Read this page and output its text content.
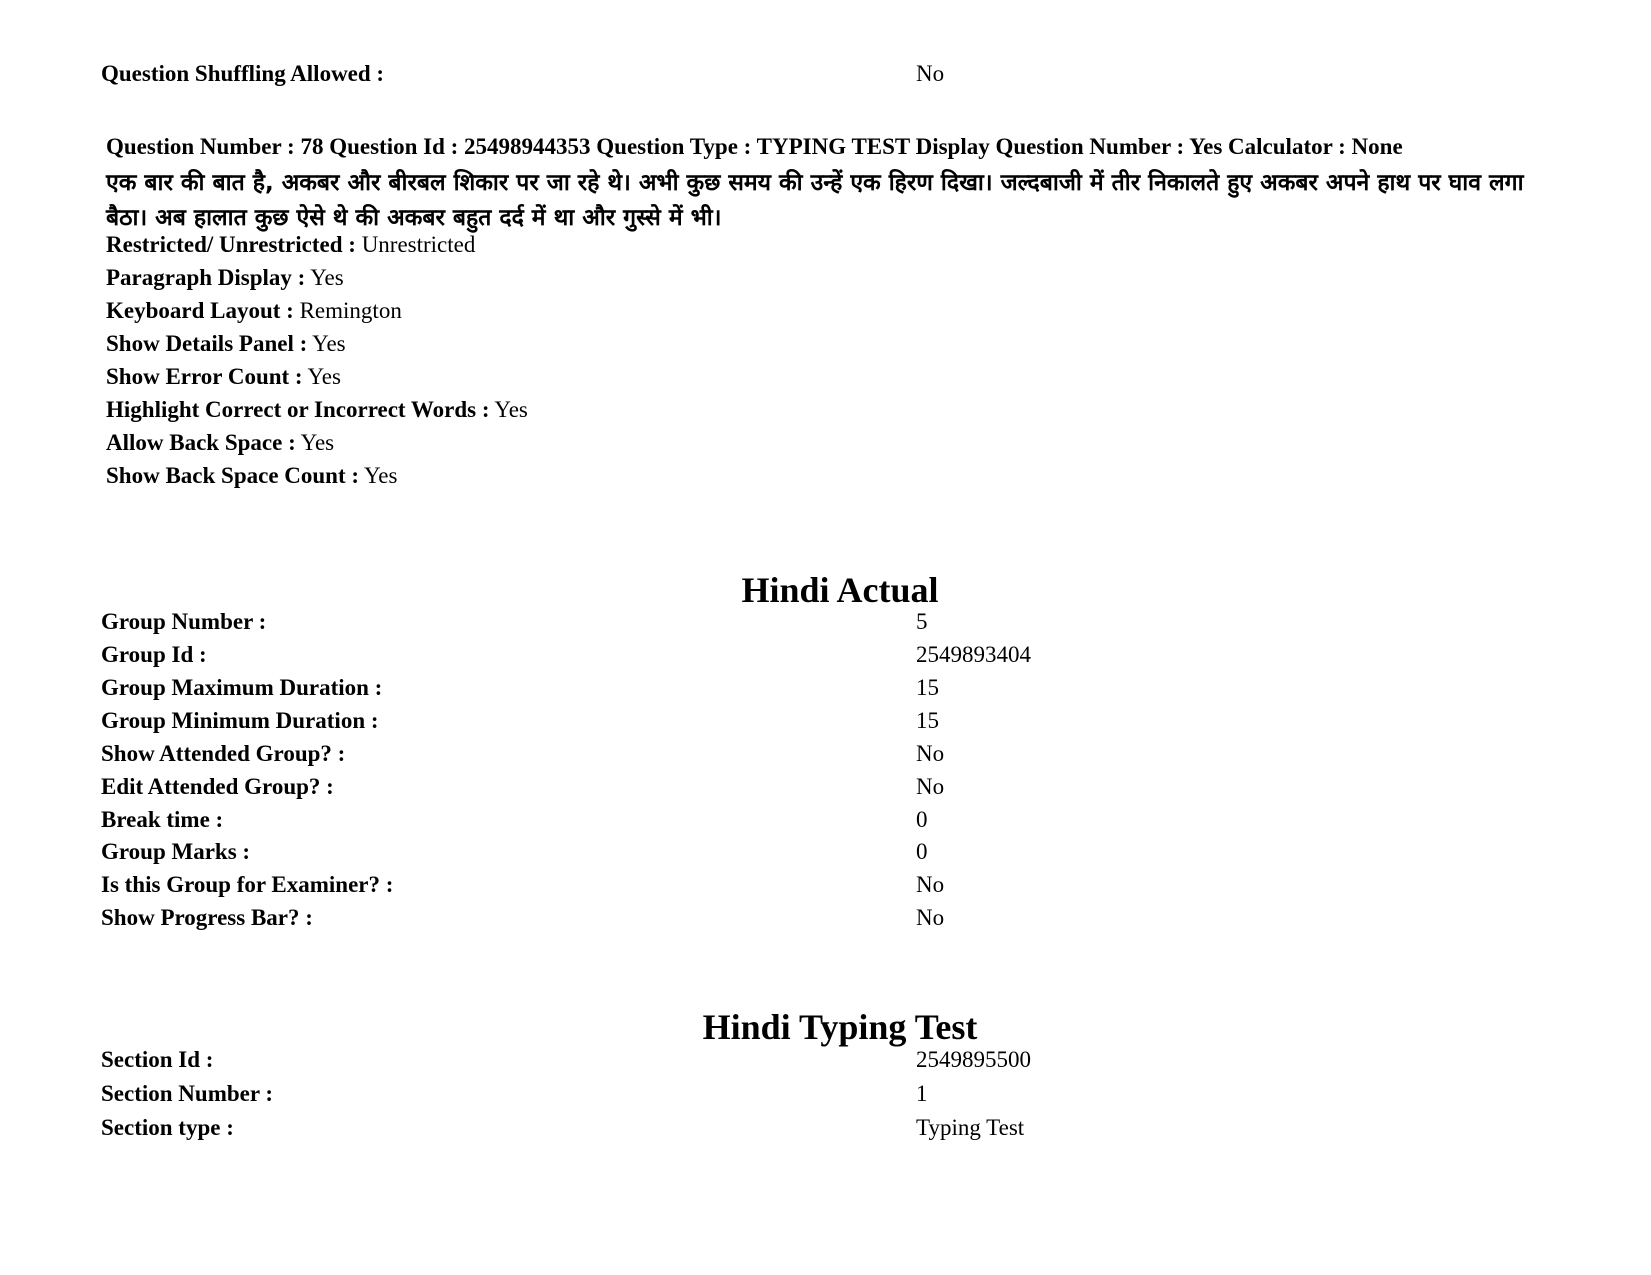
Question Shuffling Allowed :	No
Question Number : 78 Question Id : 25498944353 Question Type : TYPING TEST Display Question Number : Yes Calculator : None
एक बार की बात है, अकबर और बीरबल शिकार पर जा रहे थे। अभी कुछ समय की उन्हें एक हिरण दिखा। जल्दबाजी में तीर निकालते हुए अकबर अपने हाथ पर घाव लगा बैठा। अब हालात कुछ ऐसे थे की अकबर बहुत दर्द में था और गुस्से में भी।
Restricted/ Unrestricted : Unrestricted
Paragraph Display : Yes
Keyboard Layout : Remington
Show Details Panel : Yes
Show Error Count : Yes
Highlight Correct or Incorrect Words : Yes
Allow Back Space : Yes
Show Back Space Count : Yes
Hindi Actual
Group Number :	5
Group Id :	2549893404
Group Maximum Duration :	15
Group Minimum Duration :	15
Show Attended Group? :	No
Edit Attended Group? :	No
Break time :	0
Group Marks :	0
Is this Group for Examiner? :	No
Show Progress Bar? :	No
Hindi Typing Test
Section Id :	2549895500
Section Number :	1
Section type :	Typing Test
